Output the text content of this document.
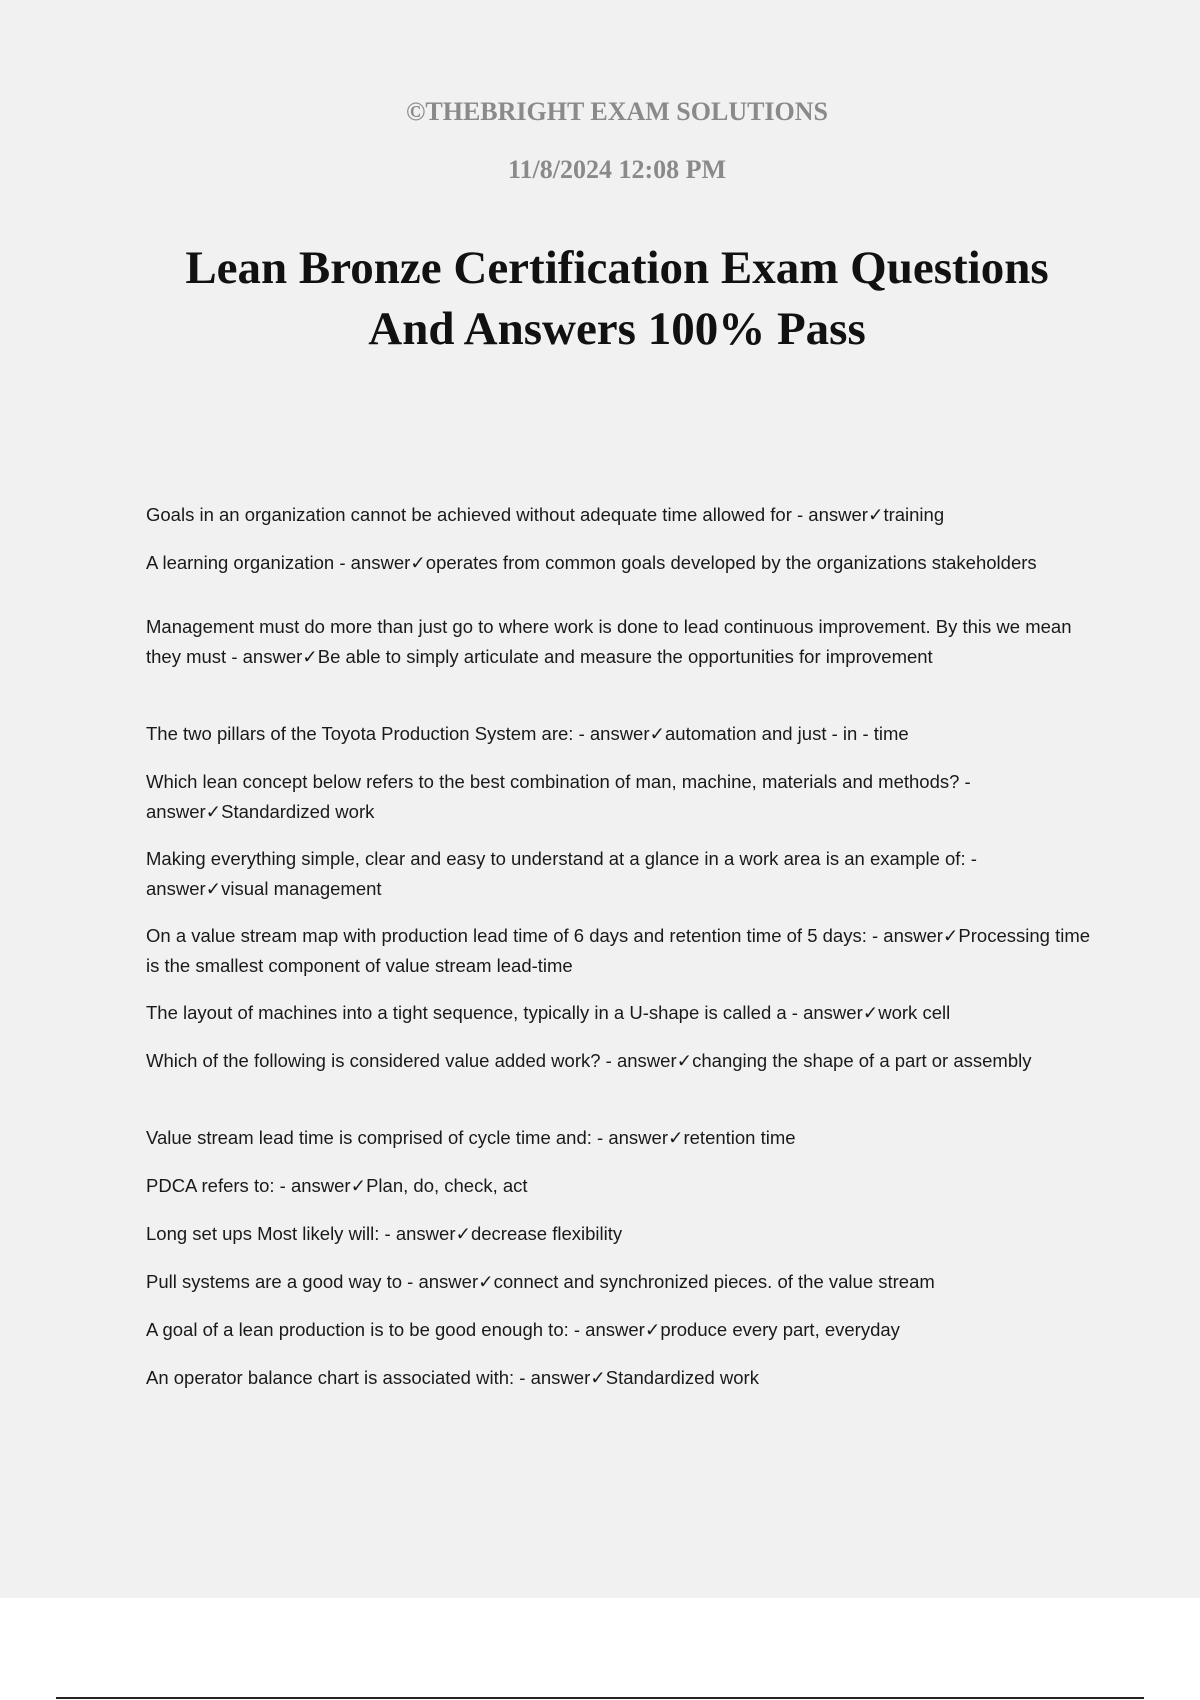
©THEBRIGHT EXAM SOLUTIONS
11/8/2024 12:08 PM
Lean Bronze Certification Exam Questions
And Answers 100% Pass

Goals in an organization cannot be achieved without adequate time allowed for - answer✓training

A learning organization - answer✓operates from common goals developed by the organizations stakeholders

Management must do more than just go to where work is done to lead continuous improvement. By this we mean they must - answer✓Be able to simply articulate and measure the opportunities for improvement

The two pillars of the Toyota Production System are: - answer✓automation and just - in - time

Which lean concept below refers to the best combination of man, machine, materials and methods? - answer✓Standardized work

Making everything simple, clear and easy to understand at a glance in a work area is an example of: - answer✓visual management

On a value stream map with production lead time of 6 days and retention time of 5 days: - answer✓Processing time is the smallest component of value stream lead-time

The layout of machines into a tight sequence, typically in a U-shape is called a - answer✓work cell

Which of the following is considered value added work? - answer✓changing the shape of a part or assembly

Value stream lead time is comprised of cycle time and: - answer✓retention time

PDCA refers to: - answer✓Plan, do, check, act

Long set ups Most likely will: - answer✓decrease flexibility

Pull systems are a good way to - answer✓connect and synchronized pieces. of the value stream

A goal of a lean production is to be good enough to: - answer✓produce every part, everyday

An operator balance chart is associated with: - answer✓Standardized work
